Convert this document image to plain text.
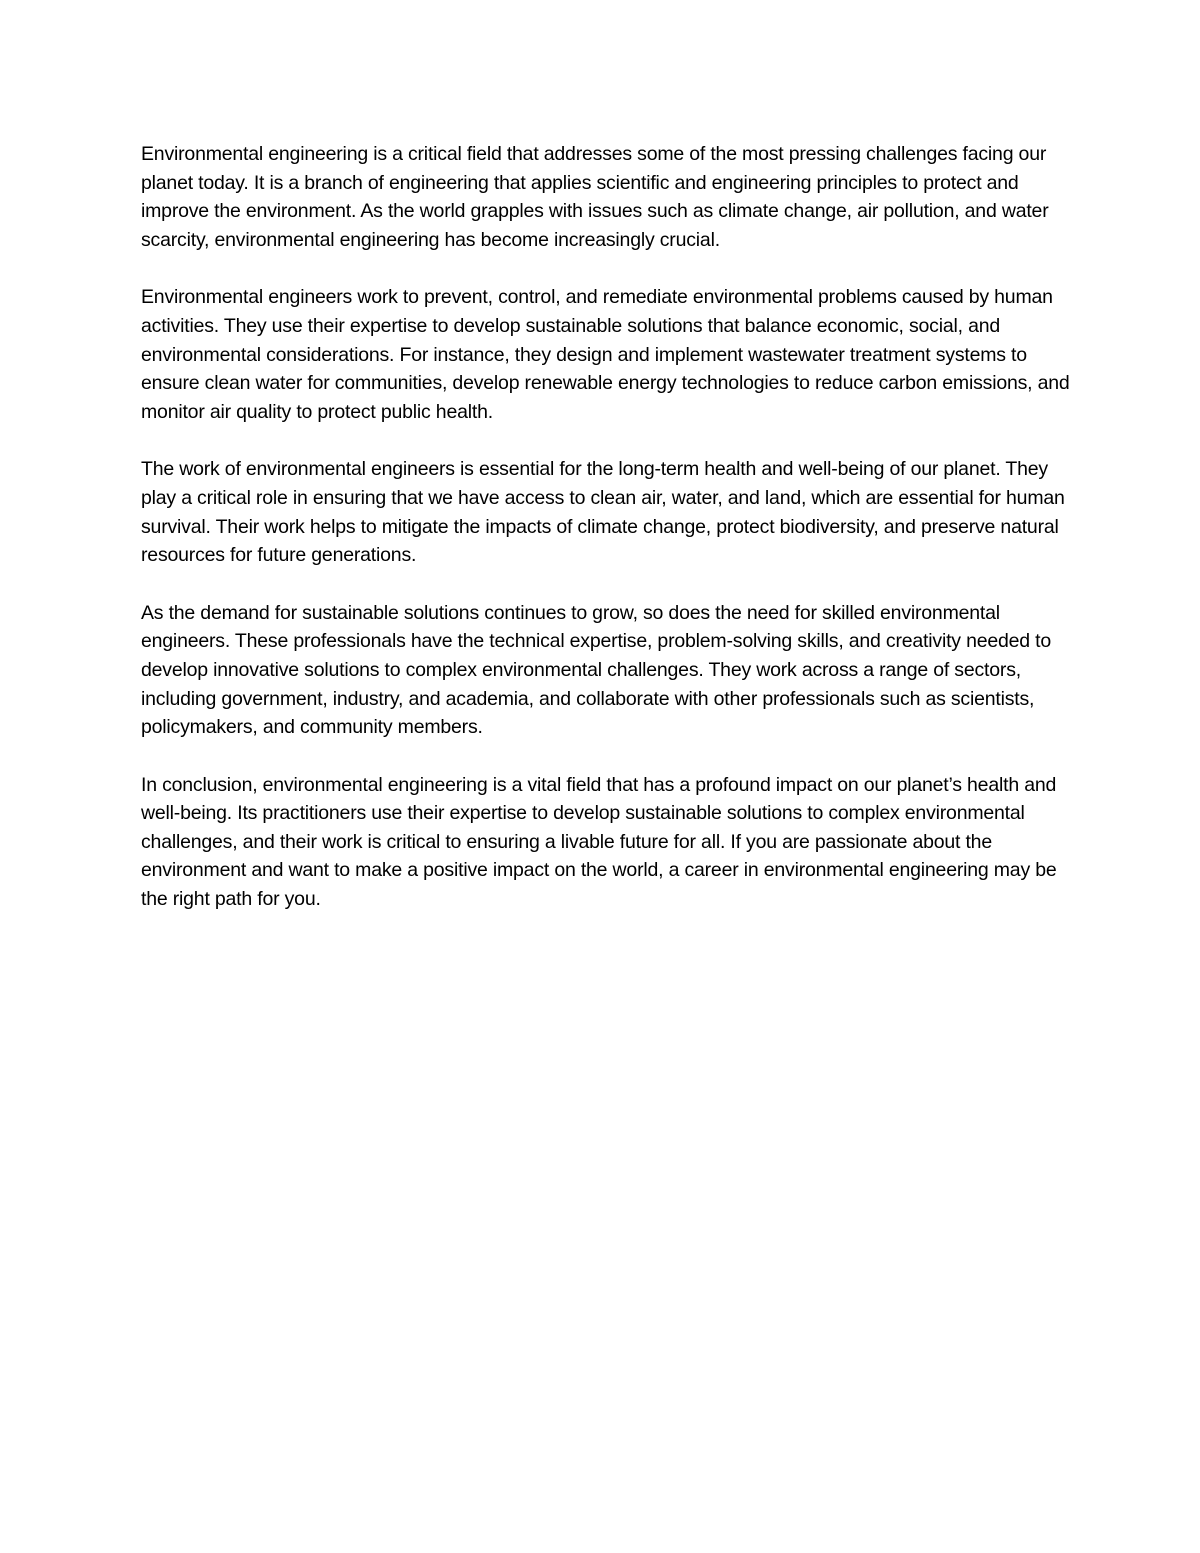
Environmental engineering is a critical field that addresses some of the most pressing challenges facing our planet today. It is a branch of engineering that applies scientific and engineering principles to protect and improve the environment. As the world grapples with issues such as climate change, air pollution, and water scarcity, environmental engineering has become increasingly crucial.

Environmental engineers work to prevent, control, and remediate environmental problems caused by human activities. They use their expertise to develop sustainable solutions that balance economic, social, and environmental considerations. For instance, they design and implement wastewater treatment systems to ensure clean water for communities, develop renewable energy technologies to reduce carbon emissions, and monitor air quality to protect public health.

The work of environmental engineers is essential for the long-term health and well-being of our planet. They play a critical role in ensuring that we have access to clean air, water, and land, which are essential for human survival. Their work helps to mitigate the impacts of climate change, protect biodiversity, and preserve natural resources for future generations.

As the demand for sustainable solutions continues to grow, so does the need for skilled environmental engineers. These professionals have the technical expertise, problem-solving skills, and creativity needed to develop innovative solutions to complex environmental challenges. They work across a range of sectors, including government, industry, and academia, and collaborate with other professionals such as scientists, policymakers, and community members.

In conclusion, environmental engineering is a vital field that has a profound impact on our planet’s health and well-being. Its practitioners use their expertise to develop sustainable solutions to complex environmental challenges, and their work is critical to ensuring a livable future for all. If you are passionate about the environment and want to make a positive impact on the world, a career in environmental engineering may be the right path for you.
